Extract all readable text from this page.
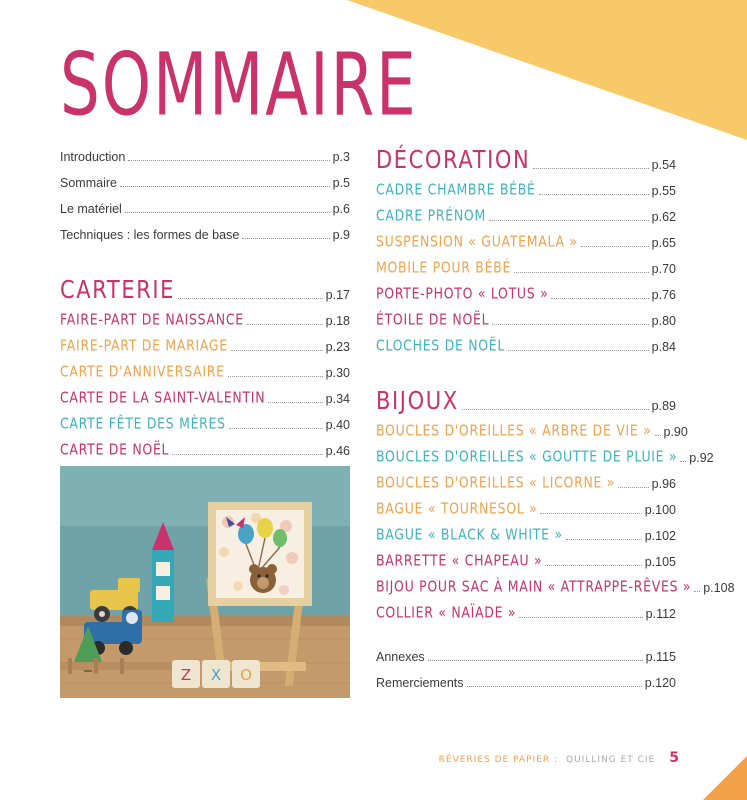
SOMMAIRE
Introduction	p.3
Sommaire	p.5
Le matériel	p.6
Techniques : les formes de base	p.9
CARTERIE	p.17
FAIRE-PART DE NAISSANCE	p.18
FAIRE-PART DE MARIAGE	p.23
CARTE D'ANNIVERSAIRE	p.30
CARTE DE LA SAINT-VALENTIN	p.34
CARTE FÊTE DES MÈRES	p.40
CARTE DE NOËL	p.46
Z X O
DÉCORATION	p.54
CADRE CHAMBRE BÉBÉ	p.55
CADRE PRÉNOM	p.62
SUSPENSION « GUATEMALA »	p.65
MOBILE POUR BÉBÉ	p.70
PORTE-PHOTO « LOTUS »	p.76
ÉTOILE DE NOËL	p.80
CLOCHES DE NOËL	p.84
BIJOUX	p.89
BOUCLES D'OREILLES « ARBRE DE VIE » p.90
BOUCLES D'OREILLES « GOUTTE DE PLUIE » p.92
BOUCLES D'OREILLES « LICORNE »	p.96
BAGUE « TOURNESOL »	p.100
BAGUE « BLACK & WHITE »	p.102
BARRETTE « CHAPEAU »	p.105
BIJOU POUR SAC À MAIN « ATTRAPPE-RÊVES » p.108
COLLIER « NAÏADE »	p.112
Annexes	p.115
Remerciements	p.120
RÊVERIES DE PAPIER : QUILLING ET CIE 5
